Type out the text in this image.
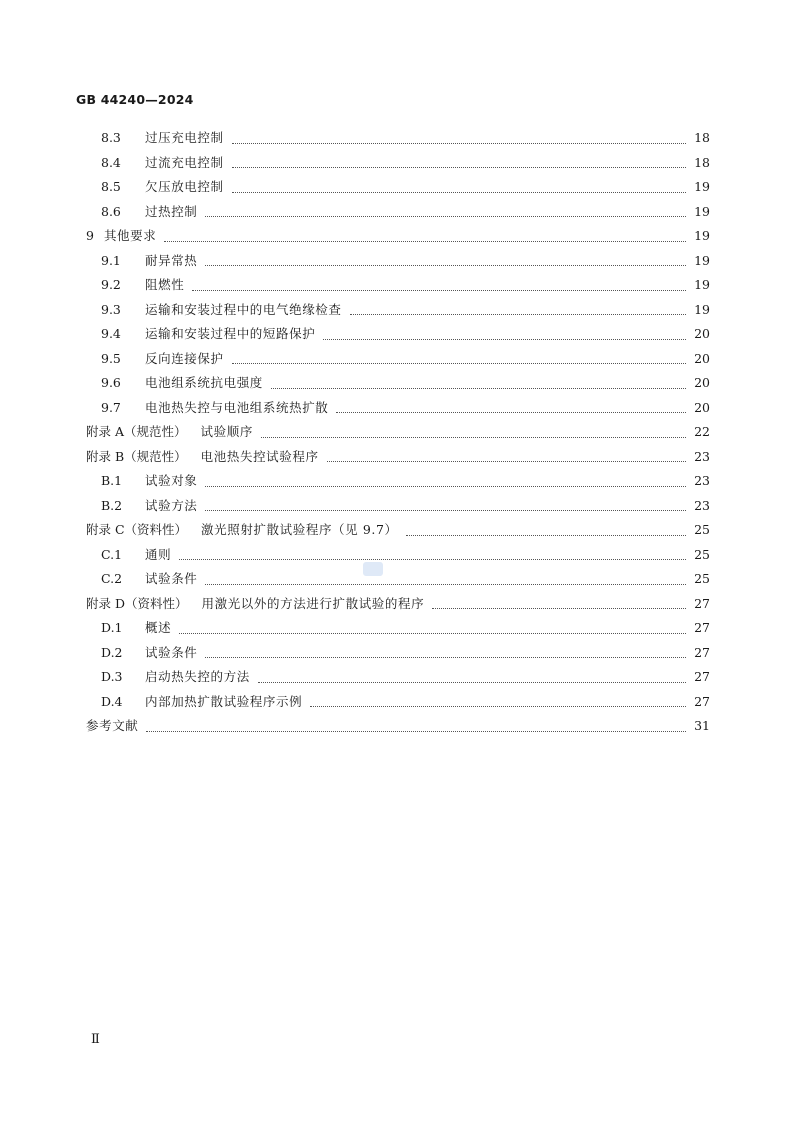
GB 44240—2024
8.3	过压充电控制	18
8.4	过流充电控制	18
8.5	欠压放电控制	19
8.6	过热控制	19
9 其他要求	19
9.1	耐异常热	19
9.2	阻燃性	19
9.3	运输和安装过程中的电气绝缘检查	19
9.4	运输和安装过程中的短路保护	20
9.5	反向连接保护	20
9.6	电池组系统抗电强度	20
9.7	电池热失控与电池组系统热扩散	20
附录 A（规范性） 试验顺序	22
附录 B（规范性） 电池热失控试验程序	23
B.1	试验对象	23
B.2	试验方法	23
附录 C（资料性） 激光照射扩散试验程序（见 9.7）	25
C.1	通则	25
C.2	试验条件	25
附录 D（资料性） 用激光以外的方法进行扩散试验的程序	27
D.1	概述	27
D.2	试验条件	27
D.3	启动热失控的方法	27
D.4	内部加热扩散试验程序示例	27
参考文献	31
Ⅱ
